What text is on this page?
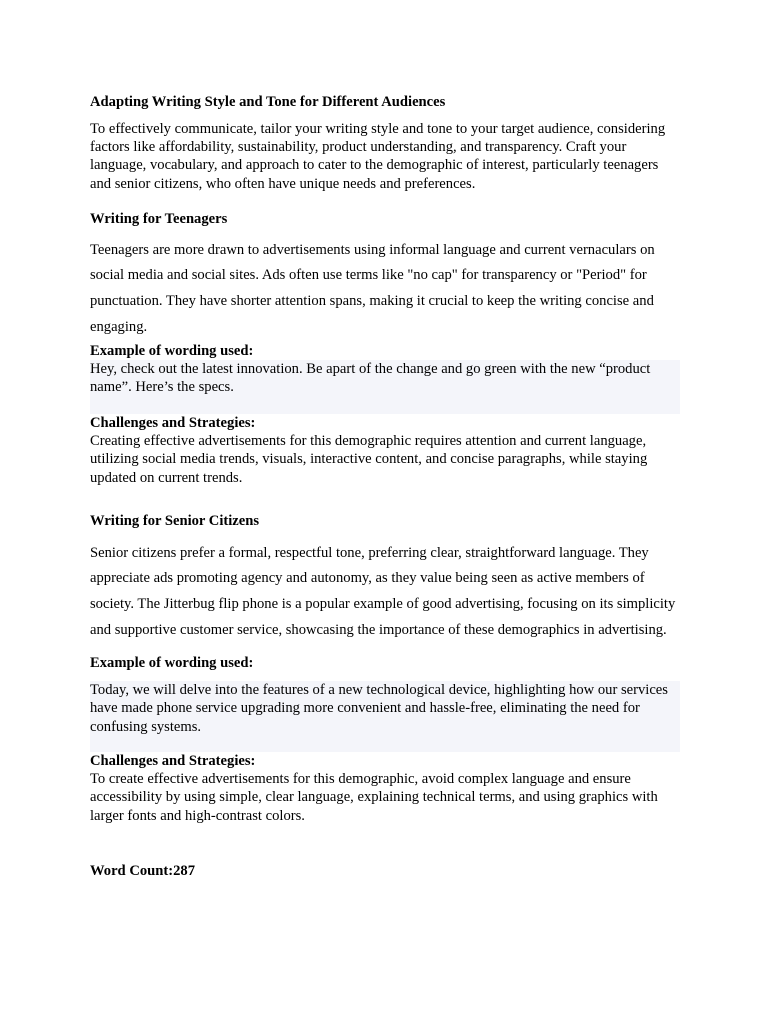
Adapting Writing Style and Tone for Different Audiences

To effectively communicate, tailor your writing style and tone to your target audience, considering factors like affordability, sustainability, product understanding, and transparency. Craft your language, vocabulary, and approach to cater to the demographic of interest, particularly teenagers and senior citizens, who often have unique needs and preferences.

Writing for Teenagers

Teenagers are more drawn to advertisements using informal language and current vernaculars on social media and social sites. Ads often use terms like "no cap" for transparency or "Period" for punctuation. They have shorter attention spans, making it crucial to keep the writing concise and engaging.

Example of wording used:

Hey, check out the latest innovation. Be apart of the change and go green with the new “product name”. Here’s the specs.

Challenges and Strategies:

Creating effective advertisements for this demographic requires attention and current language, utilizing social media trends, visuals, interactive content, and concise paragraphs, while staying updated on current trends.

Writing for Senior Citizens

Senior citizens prefer a formal, respectful tone, preferring clear, straightforward language. They appreciate ads promoting agency and autonomy, as they value being seen as active members of society. The Jitterbug flip phone is a popular example of good advertising, focusing on its simplicity and supportive customer service, showcasing the importance of these demographics in advertising.

Example of wording used:

Today, we will delve into the features of a new technological device, highlighting how our services have made phone service upgrading more convenient and hassle-free, eliminating the need for confusing systems.

Challenges and Strategies:

To create effective advertisements for this demographic, avoid complex language and ensure accessibility by using simple, clear language, explaining technical terms, and using graphics with larger fonts and high-contrast colors.

Word Count:287
